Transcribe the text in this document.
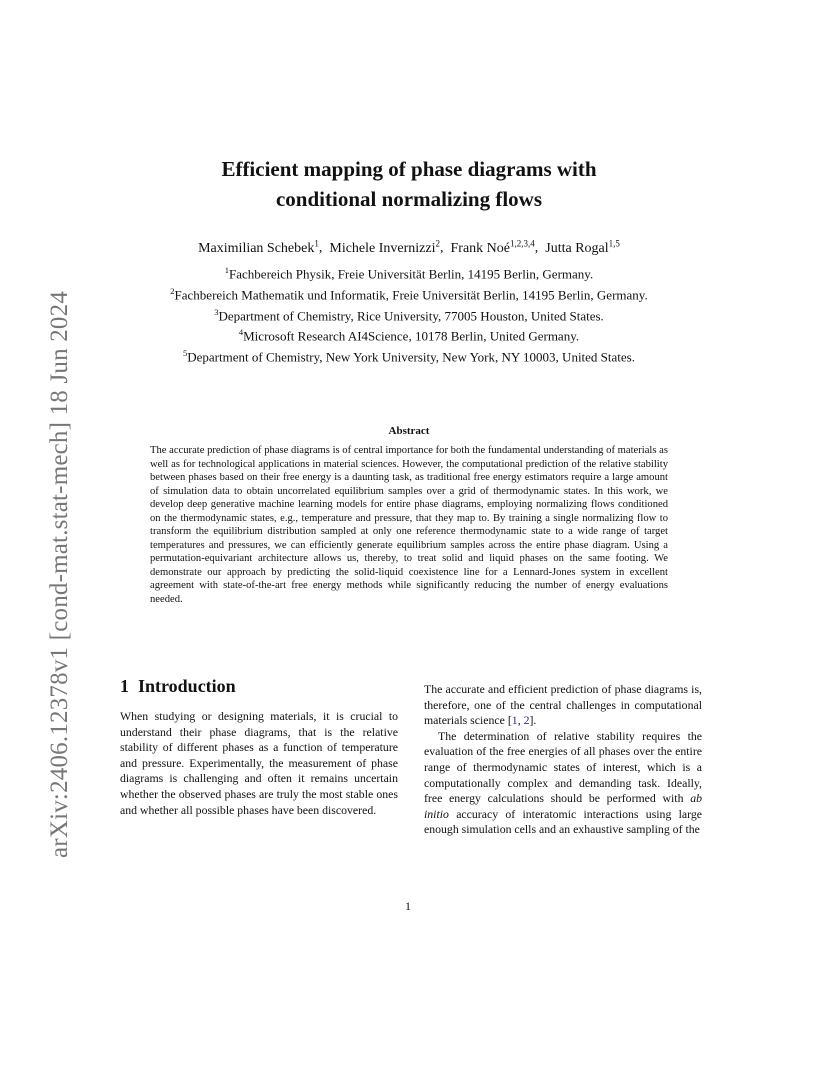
arXiv:2406.12378v1 [cond-mat.stat-mech] 18 Jun 2024
Efficient mapping of phase diagrams with
conditional normalizing flows
Maximilian Schebek$^1$,  Michele Invernizzi$^2$,  Frank Noé$^{1,2,3,4}$,  Jutta Rogal$^{1,5}$
$^1$Fachbereich Physik, Freie Universität Berlin, 14195 Berlin, Germany.
$^2$Fachbereich Mathematik und Informatik, Freie Universität Berlin, 14195 Berlin, Germany.
$^3$Department of Chemistry, Rice University, 77005 Houston, United States.
$^4$Microsoft Research AI4Science, 10178 Berlin, United Germany.
$^5$Department of Chemistry, New York University, New York, NY 10003, United States.
Abstract
The accurate prediction of phase diagrams is of central importance for both the fundamental understanding of materials as well as for technological applications in material sciences. However, the computational prediction of the relative stability between phases based on their free energy is a daunting task, as traditional free energy estimators require a large amount of simulation data to obtain uncorrelated equilibrium samples over a grid of thermodynamic states. In this work, we develop deep generative machine learning models for entire phase diagrams, employing normalizing flows conditioned on the thermodynamic states, e.g., temperature and pressure, that they map to. By training a single normalizing flow to transform the equilibrium distribution sampled at only one reference thermodynamic state to a wide range of target temperatures and pressures, we can efficiently generate equilibrium samples across the entire phase diagram. Using a permutation-equivariant architecture allows us, thereby, to treat solid and liquid phases on the same footing. We demonstrate our approach by predicting the solid-liquid coexistence line for a Lennard-Jones system in excellent agreement with state-of-the-art free energy methods while significantly reducing the number of energy evaluations needed.
1 Introduction

When studying or designing materials, it is crucial to understand their phase diagrams, that is the relative stability of different phases as a function of temperature and pressure. Experimentally, the measurement of phase diagrams is challenging and often it remains uncertain whether the observed phases are truly the most stable ones and whether all possible phases have been discovered.

The accurate and efficient prediction of phase diagrams is, therefore, one of the central challenges in computational materials science [1, 2].

The determination of relative stability requires the evaluation of the free energies of all phases over the entire range of thermodynamic states of interest, which is a computationally complex and demanding task. Ideally, free energy calculations should be performed with ab initio accuracy of interatomic interactions using large enough simulation cells and an exhaustive sampling of the

1
